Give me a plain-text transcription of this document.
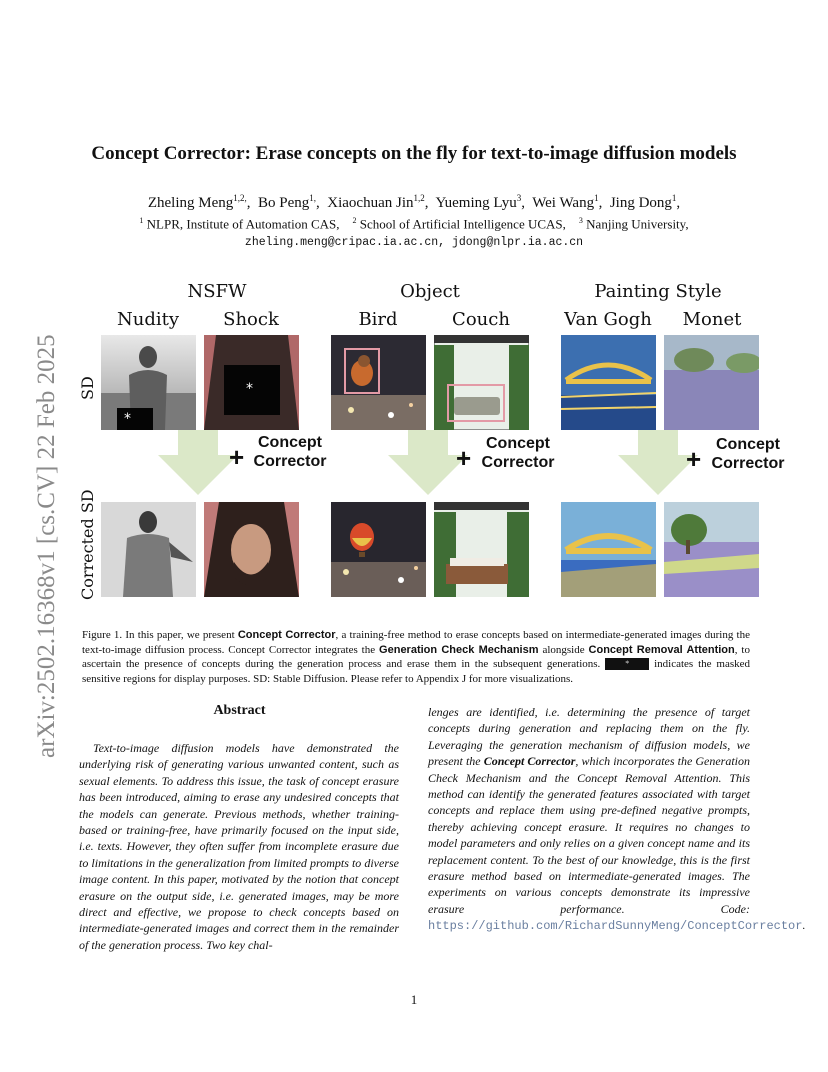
arXiv:2502.16368v1 [cs.CV] 22 Feb 2025
Concept Corrector: Erase concepts on the fly for text-to-image diffusion models
Zheling Meng$^{1,2,}$,  Bo Peng$^{1,}$,  Xiaochuan Jin$^{1,2}$,  Yueming Lyu$^3$,  Wei Wang$^1$,  Jing Dong$^1$,
$^1$ NLPR, Institute of Automation CAS, $^2$ School of Artificial Intelligence UCAS, $^3$ Nanjing University,
zheling.meng@cripac.ia.ac.cn, jdong@nlpr.ia.ac.cn
NSFW	Object	Painting Style
Nudity	Shock	Bird	Couch	Van Gogh	Monet
SD
Corrected SD
*
*
+ Concept
Corrector	+ Concept
Corrector	+ Concept
Corrector
Figure 1. In this paper, we present Concept Corrector, a training-free method to erase concepts based on intermediate-generated images during the text-to-image diffusion process. Concept Corrector integrates the Generation Check Mechanism alongside Concept Removal Attention, to ascertain the presence of concepts during the generation process and erase them in the subsequent generations.	* indicates the masked sensitive regions for display purposes. SD: Stable Diffusion. Please refer to Appendix J for more visualizations.
Abstract
Text-to-image diffusion models have demonstrated the underlying risk of generating various unwanted content, such as sexual elements. To address this issue, the task of concept erasure has been introduced, aiming to erase any undesired concepts that the models can generate. Previous methods, whether training-based or training-free, have primarily focused on the input side, i.e. texts. However, they often suffer from incomplete erasure due to limitations in the generalization from limited prompts to diverse image content. In this paper, motivated by the notion that concept erasure on the output side, i.e. generated images, may be more direct and effective, we propose to check concepts based on intermediate-generated images and correct them in the remainder of the generation process. Two key chal-
lenges are identified, i.e. determining the presence of target concepts during generation and replacing them on the fly. Leveraging the generation mechanism of diffusion models, we present the Concept Corrector, which incorporates the Generation Check Mechanism and the Concept Removal Attention. This method can identify the generated features associated with target concepts and replace them using pre-defined negative prompts, thereby achieving concept erasure. It requires no changes to model parameters and only relies on a given concept name and its replacement content. To the best of our knowledge, this is the first erasure method based on intermediate-generated images. The experiments on various concepts demonstrate its impressive erasure performance. Code: https://github.com/RichardSunnyMeng/ConceptCorrector.
1
